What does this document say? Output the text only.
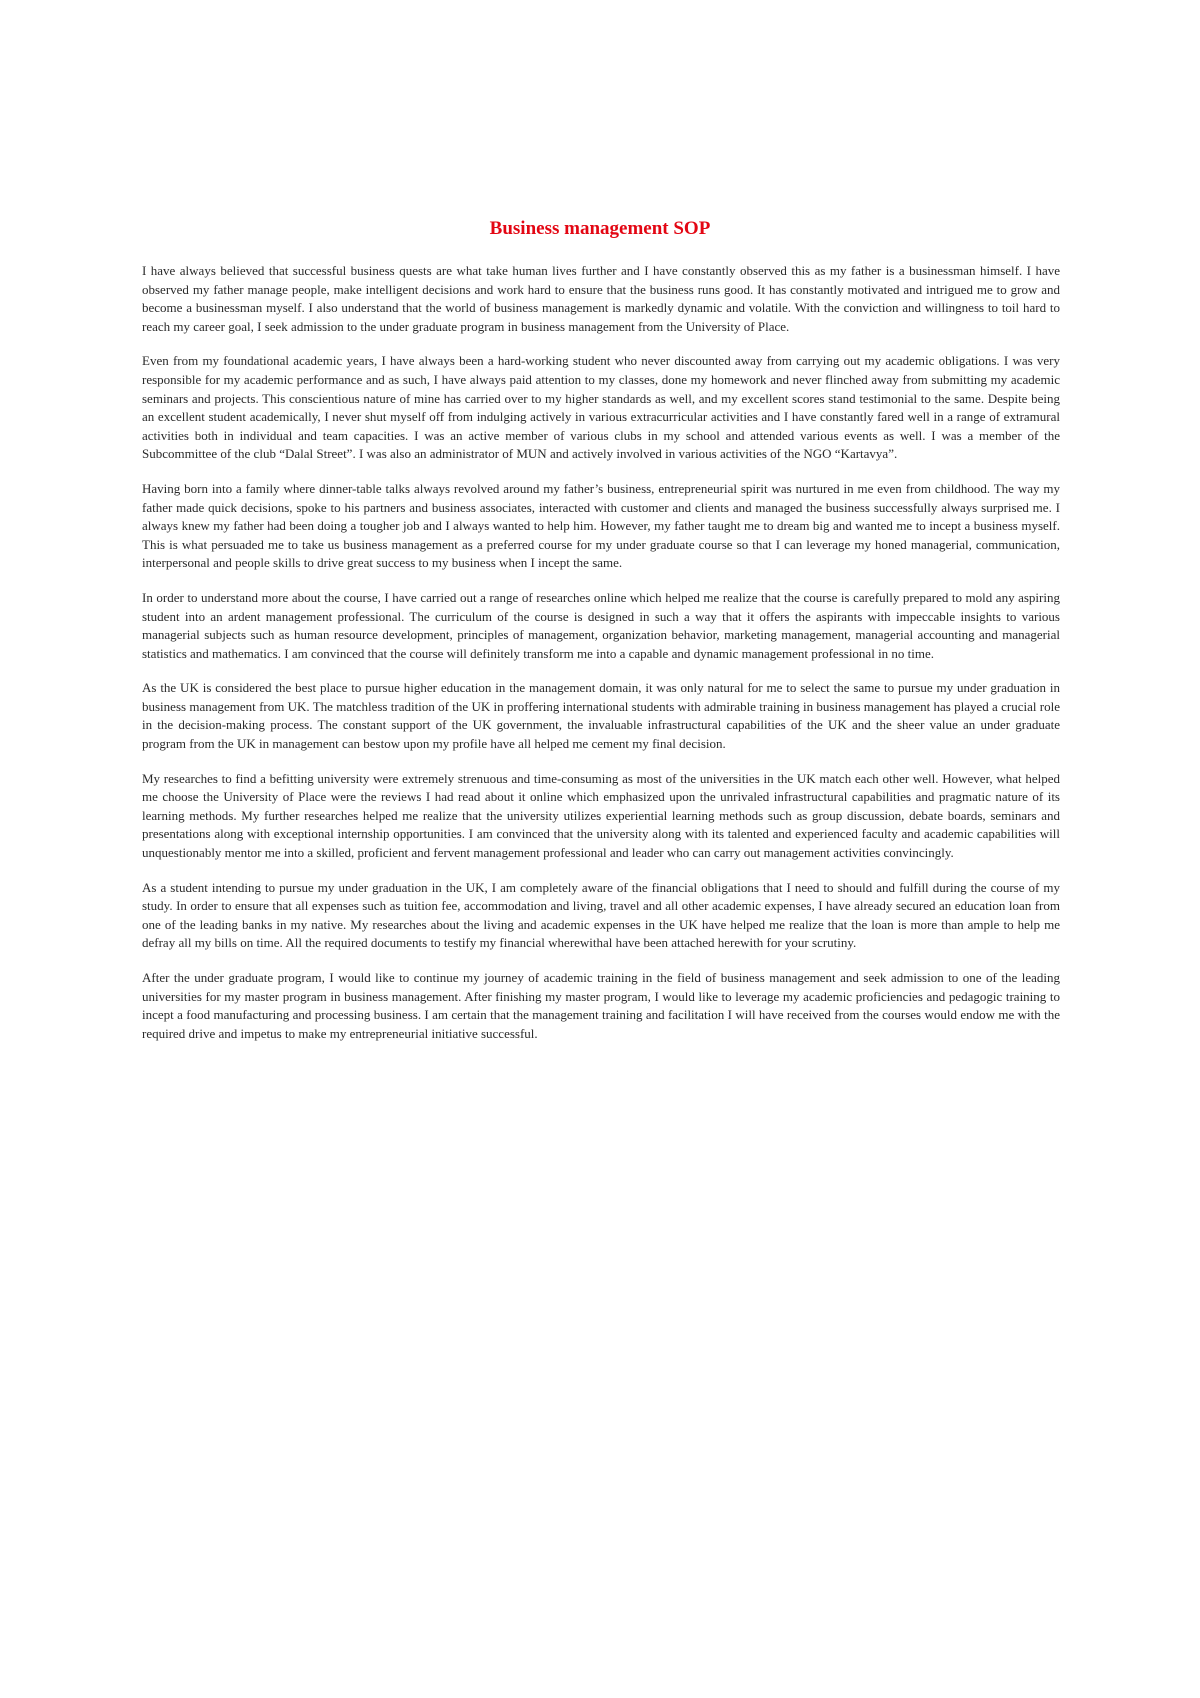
Business management SOP

I have always believed that successful business quests are what take human lives further and I have constantly observed this as my father is a businessman himself. I have observed my father manage people, make intelligent decisions and work hard to ensure that the business runs good. It has constantly motivated and intrigued me to grow and become a businessman myself. I also understand that the world of business management is markedly dynamic and volatile. With the conviction and willingness to toil hard to reach my career goal, I seek admission to the under graduate program in business management from the University of Place.

Even from my foundational academic years, I have always been a hard-working student who never discounted away from carrying out my academic obligations. I was very responsible for my academic performance and as such, I have always paid attention to my classes, done my homework and never flinched away from submitting my academic seminars and projects. This conscientious nature of mine has carried over to my higher standards as well, and my excellent scores stand testimonial to the same. Despite being an excellent student academically, I never shut myself off from indulging actively in various extracurricular activities and I have constantly fared well in a range of extramural activities both in individual and team capacities. I was an active member of various clubs in my school and attended various events as well. I was a member of the Subcommittee of the club “Dalal Street”. I was also an administrator of MUN and actively involved in various activities of the NGO “Kartavya”.

Having born into a family where dinner-table talks always revolved around my father’s business, entrepreneurial spirit was nurtured in me even from childhood. The way my father made quick decisions, spoke to his partners and business associates, interacted with customer and clients and managed the business successfully always surprised me. I always knew my father had been doing a tougher job and I always wanted to help him. However, my father taught me to dream big and wanted me to incept a business myself. This is what persuaded me to take us business management as a preferred course for my under graduate course so that I can leverage my honed managerial, communication, interpersonal and people skills to drive great success to my business when I incept the same.

In order to understand more about the course, I have carried out a range of researches online which helped me realize that the course is carefully prepared to mold any aspiring student into an ardent management professional. The curriculum of the course is designed in such a way that it offers the aspirants with impeccable insights to various managerial subjects such as human resource development, principles of management, organization behavior, marketing management, managerial accounting and managerial statistics and mathematics. I am convinced that the course will definitely transform me into a capable and dynamic management professional in no time.

As the UK is considered the best place to pursue higher education in the management domain, it was only natural for me to select the same to pursue my under graduation in business management from UK. The matchless tradition of the UK in proffering international students with admirable training in business management has played a crucial role in the decision-making process. The constant support of the UK government, the invaluable infrastructural capabilities of the UK and the sheer value an under graduate program from the UK in management can bestow upon my profile have all helped me cement my final decision.

My researches to find a befitting university were extremely strenuous and time-consuming as most of the universities in the UK match each other well. However, what helped me choose the University of Place were the reviews I had read about it online which emphasized upon the unrivaled infrastructural capabilities and pragmatic nature of its learning methods. My further researches helped me realize that the university utilizes experiential learning methods such as group discussion, debate boards, seminars and presentations along with exceptional internship opportunities. I am convinced that the university along with its talented and experienced faculty and academic capabilities will unquestionably mentor me into a skilled, proficient and fervent management professional and leader who can carry out management activities convincingly.

As a student intending to pursue my under graduation in the UK, I am completely aware of the financial obligations that I need to should and fulfill during the course of my study. In order to ensure that all expenses such as tuition fee, accommodation and living, travel and all other academic expenses, I have already secured an education loan from one of the leading banks in my native. My researches about the living and academic expenses in the UK have helped me realize that the loan is more than ample to help me defray all my bills on time. All the required documents to testify my financial wherewithal have been attached herewith for your scrutiny.

After the under graduate program, I would like to continue my journey of academic training in the field of business management and seek admission to one of the leading universities for my master program in business management. After finishing my master program, I would like to leverage my academic proficiencies and pedagogic training to incept a food manufacturing and processing business. I am certain that the management training and facilitation I will have received from the courses would endow me with the required drive and impetus to make my entrepreneurial initiative successful.
